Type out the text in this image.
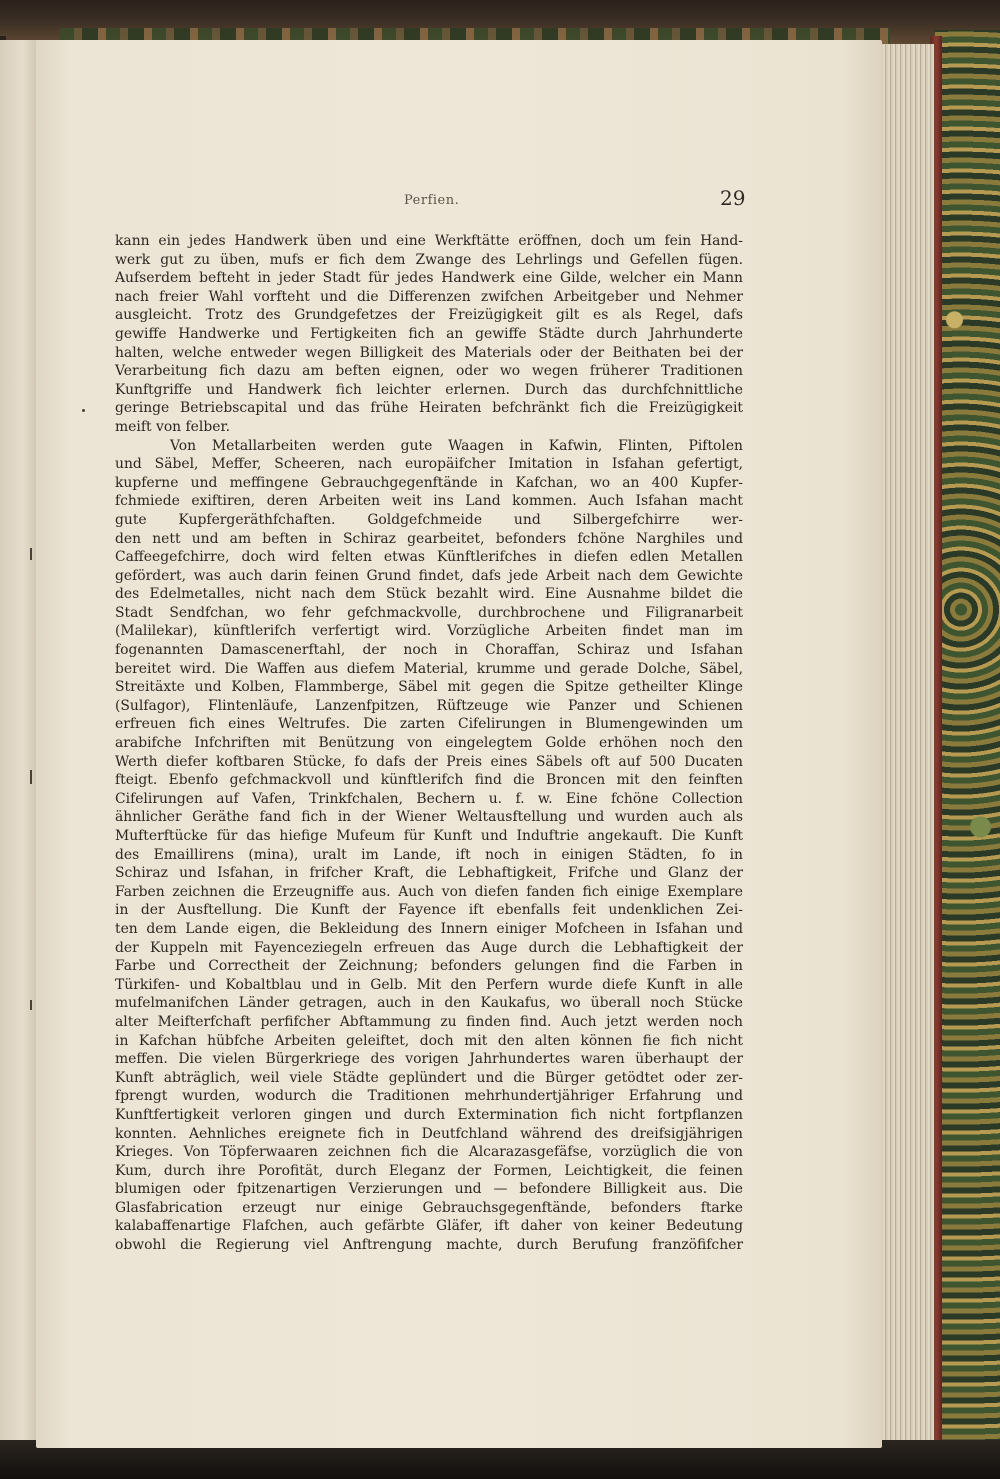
Perfien.	29
kann ein jedes Handwerk üben und eine Werkftätte eröffnen, doch um fein Hand-
werk gut zu üben, mufs er fich dem Zwange des Lehrlings und Gefellen fügen.
Aufserdem befteht in jeder Stadt für jedes Handwerk eine Gilde, welcher ein Mann
nach freier Wahl vorfteht und die Differenzen zwifchen Arbeitgeber und Nehmer
ausgleicht. Trotz des Grundgefetzes der Freizügigkeit gilt es als Regel, dafs
gewiffe Handwerke und Fertigkeiten fich an gewiffe Städte durch Jahrhunderte
halten, welche entweder wegen Billigkeit des Materials oder der Beithaten bei der
Verarbeitung fich dazu am beften eignen, oder wo wegen früherer Traditionen
Kunftgriffe und Handwerk fich leichter erlernen. Durch das durchfchnittliche
geringe Betriebscapital und das frühe Heiraten befchränkt fich die Freizügigkeit
meift von felber.
Von Metallarbeiten werden gute Waagen in Kafwin, Flinten, Piftolen
und Säbel, Meffer, Scheeren, nach europäifcher Imitation in Isfahan gefertigt,
kupferne und meffingene Gebrauchgegenftände in Kafchan, wo an 400 Kupfer-
fchmiede exiftiren, deren Arbeiten weit ins Land kommen. Auch Isfahan macht
gute Kupfergeräthfchaften. Goldgefchmeide und Silbergefchirre wer-
den nett und am beften in Schiraz gearbeitet, befonders fchöne Narghiles und
Caffeegefchirre, doch wird felten etwas Künftlerifches in diefen edlen Metallen
gefördert, was auch darin feinen Grund findet, dafs jede Arbeit nach dem Gewichte
des Edelmetalles, nicht nach dem Stück bezahlt wird. Eine Ausnahme bildet die
Stadt Sendfchan, wo fehr gefchmackvolle, durchbrochene und Filigranarbeit
(Malilekar), künftlerifch verfertigt wird. Vorzügliche Arbeiten findet man im
fogenannten Damascenerftahl, der noch in Choraffan, Schiraz und Isfahan
bereitet wird. Die Waffen aus diefem Material, krumme und gerade Dolche, Säbel,
Streitäxte und Kolben, Flammberge, Säbel mit gegen die Spitze getheilter Klinge
(Sulfagor), Flintenläufe, Lanzenfpitzen, Rüftzeuge wie Panzer und Schienen
erfreuen fich eines Weltrufes. Die zarten Cifelirungen in Blumengewinden um
arabifche Infchriften mit Benützung von eingelegtem Golde erhöhen noch den
Werth diefer koftbaren Stücke, fo dafs der Preis eines Säbels oft auf 500 Ducaten
fteigt. Ebenfo gefchmackvoll und künftlerifch find die Broncen mit den feinften
Cifelirungen auf Vafen, Trinkfchalen, Bechern u. f. w. Eine fchöne Collection
ähnlicher Geräthe fand fich in der Wiener Weltausftellung und wurden auch als
Mufterftücke für das hiefige Mufeum für Kunft und Induftrie angekauft. Die Kunft
des Emaillirens (mina), uralt im Lande, ift noch in einigen Städten, fo in
Schiraz und Isfahan, in frifcher Kraft, die Lebhaftigkeit, Frifche und Glanz der
Farben zeichnen die Erzeugniffe aus. Auch von diefen fanden fich einige Exemplare
in der Ausftellung. Die Kunft der Fayence ift ebenfalls feit undenklichen Zei-
ten dem Lande eigen, die Bekleidung des Innern einiger Mofcheen in Isfahan und
der Kuppeln mit Fayenceziegeln erfreuen das Auge durch die Lebhaftigkeit der
Farbe und Correctheit der Zeichnung; befonders gelungen find die Farben in
Türkifen- und Kobaltblau und in Gelb. Mit den Perfern wurde diefe Kunft in alle
mufelmanifchen Länder getragen, auch in den Kaukafus, wo überall noch Stücke
alter Meifterfchaft perfifcher Abftammung zu finden find. Auch jetzt werden noch
in Kafchan hübfche Arbeiten geleiftet, doch mit den alten können fie fich nicht
meffen. Die vielen Bürgerkriege des vorigen Jahrhundertes waren überhaupt der
Kunft abträglich, weil viele Städte geplündert und die Bürger getödtet oder zer-
fprengt wurden, wodurch die Traditionen mehrhundertjähriger Erfahrung und
Kunftfertigkeit verloren gingen und durch Extermination fich nicht fortpflanzen
konnten. Aehnliches ereignete fich in Deutfchland während des dreifsigjährigen
Krieges. Von Töpferwaaren zeichnen fich die Alcarazasgefäfse, vorzüglich die von
Kum, durch ihre Porofität, durch Eleganz der Formen, Leichtigkeit, die feinen
blumigen oder fpitzenartigen Verzierungen und — befondere Billigkeit aus. Die
Glasfabrication erzeugt nur einige Gebrauchsgegenftände, befonders ftarke
kalabaffenartige Flafchen, auch gefärbte Gläfer, ift daher von keiner Bedeutung
obwohl die Regierung viel Anftrengung machte, durch Berufung franzöfifcher
